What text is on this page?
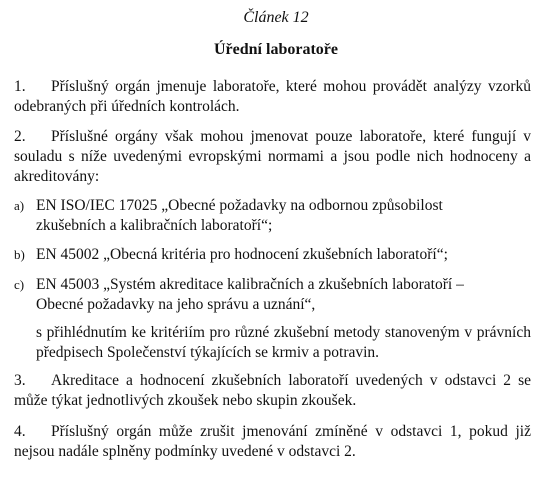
Článek 12
Úřední laboratoře
1. Příslušný orgán jmenuje laboratoře, které mohou provádět analýzy vzorků odebraných při úředních kontrolách.
2. Příslušné orgány však mohou jmenovat pouze laboratoře, které fungují v souladu s níže uvedenými evropskými normami a jsou podle nich hodnoceny a akreditovány:
a) EN ISO/IEC 17025 „Obecné požadavky na odbornou způsobilost
zkušebních a kalibračních laboratoří“;
b) EN 45002 „Obecná kritéria pro hodnocení zkušebních laboratoří“;
c) EN 45003 „Systém akreditace kalibračních a zkušebních laboratoří –
Obecné požadavky na jeho správu a uznání“,
s přihlédnutím ke kritériím pro různé zkušební metody stanoveným v právních předpisech Společenství týkajících se krmiv a potravin.
3. Akreditace a hodnocení zkušebních laboratoří uvedených v odstavci 2 se může týkat jednotlivých zkoušek nebo skupin zkoušek.
4. Příslušný orgán může zrušit jmenování zmíněné v odstavci 1, pokud již nejsou nadále splněny podmínky uvedené v odstavci 2.
